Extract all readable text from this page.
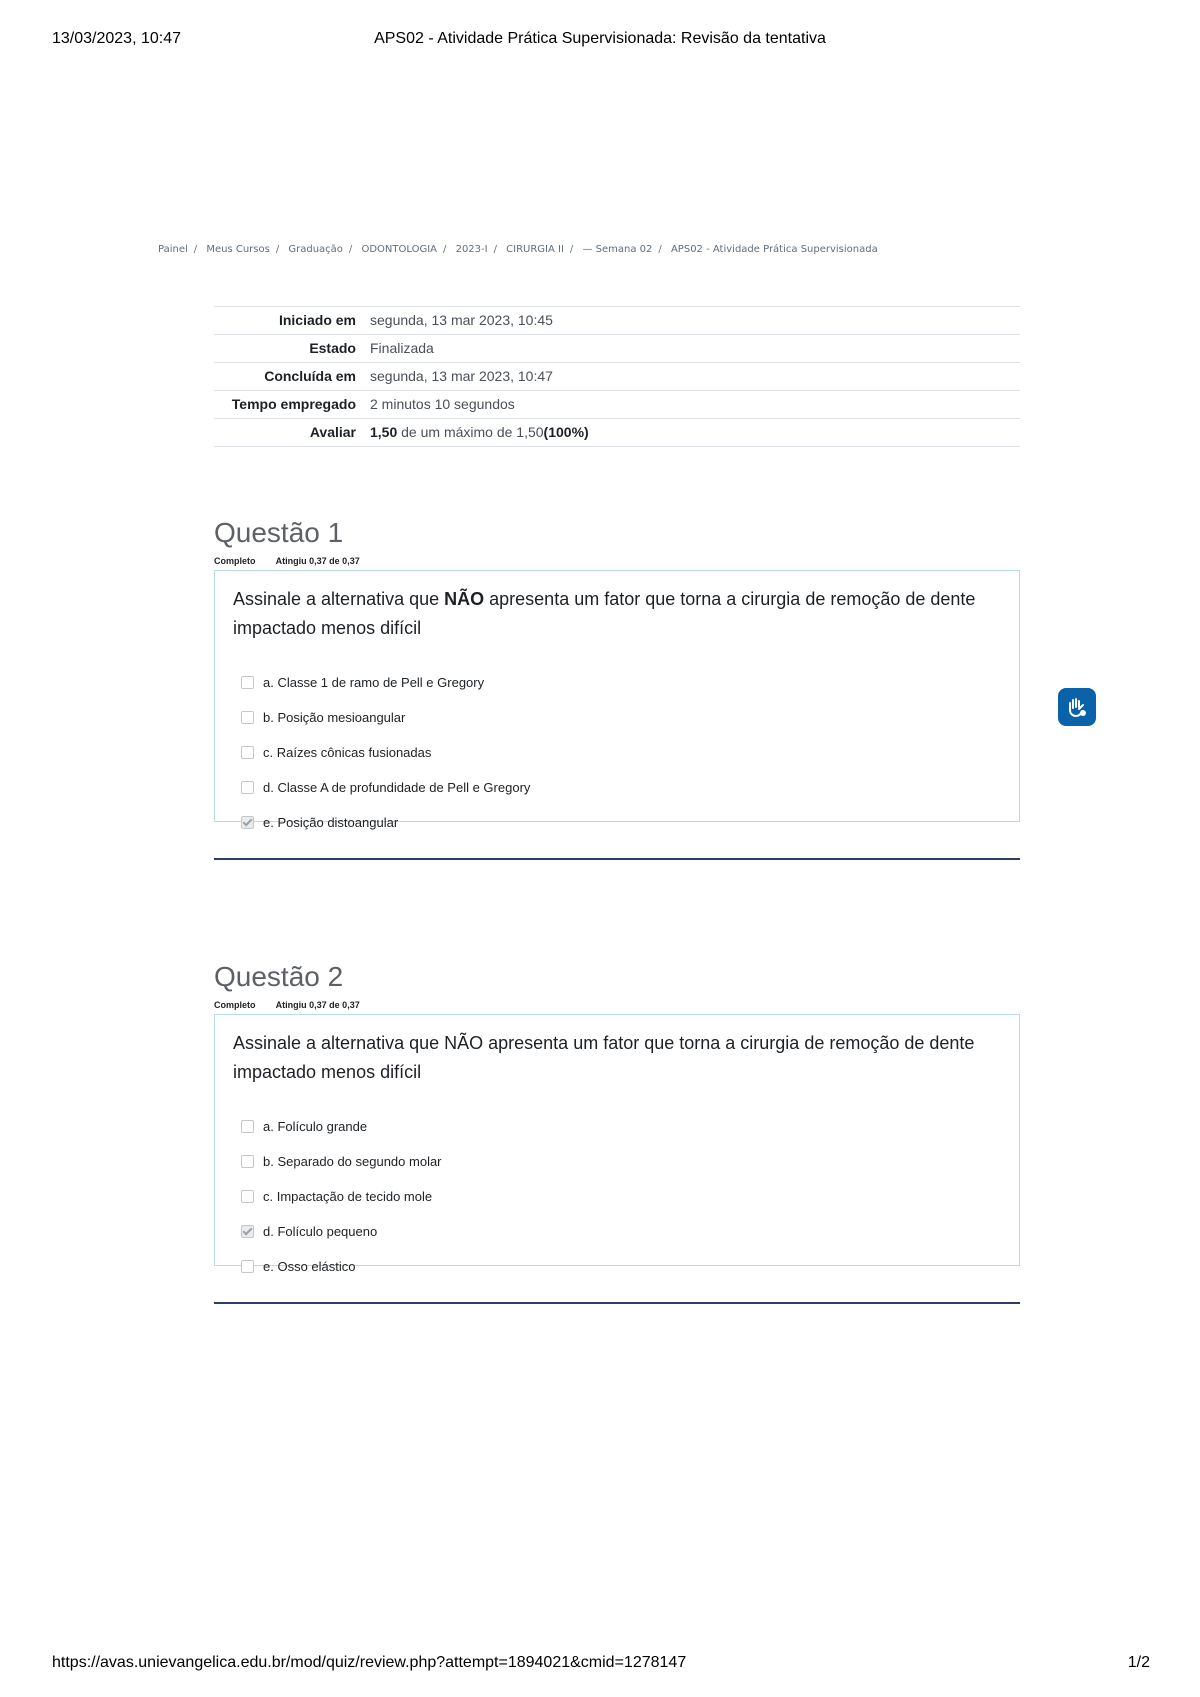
13/03/2023, 10:47	APS02 - Atividade Prática Supervisionada: Revisão da tentativa
Painel / Meus Cursos / Graduação / ODONTOLOGIA / 2023-I / CIRURGIA II / — Semana 02 / APS02 - Atividade Prática Supervisionada
Iniciado em	segunda, 13 mar 2023, 10:45
Estado	Finalizada
Concluída em	segunda, 13 mar 2023, 10:47
Tempo empregado	2 minutos 10 segundos
Avaliar	1,50 de um máximo de 1,50(100%)
Questão 1
Completo Atingiu 0,37 de 0,37
Assinale a alternativa que NÃO apresenta um fator que torna a cirurgia de remoção de dente impactado menos difícil
a. Classe 1 de ramo de Pell e Gregory
b. Posição mesioangular
c. Raízes cônicas fusionadas
d. Classe A de profundidade de Pell e Gregory
e. Posição distoangular
Questão 2
Completo Atingiu 0,37 de 0,37
Assinale a alternativa que NÃO apresenta um fator que torna a cirurgia de remoção de dente impactado menos difícil
a. Folículo grande
b. Separado do segundo molar
c. Impactação de tecido mole
d. Folículo pequeno
e. Osso elástico
https://avas.unievangelica.edu.br/mod/quiz/review.php?attempt=1894021&cmid=1278147	1/2
